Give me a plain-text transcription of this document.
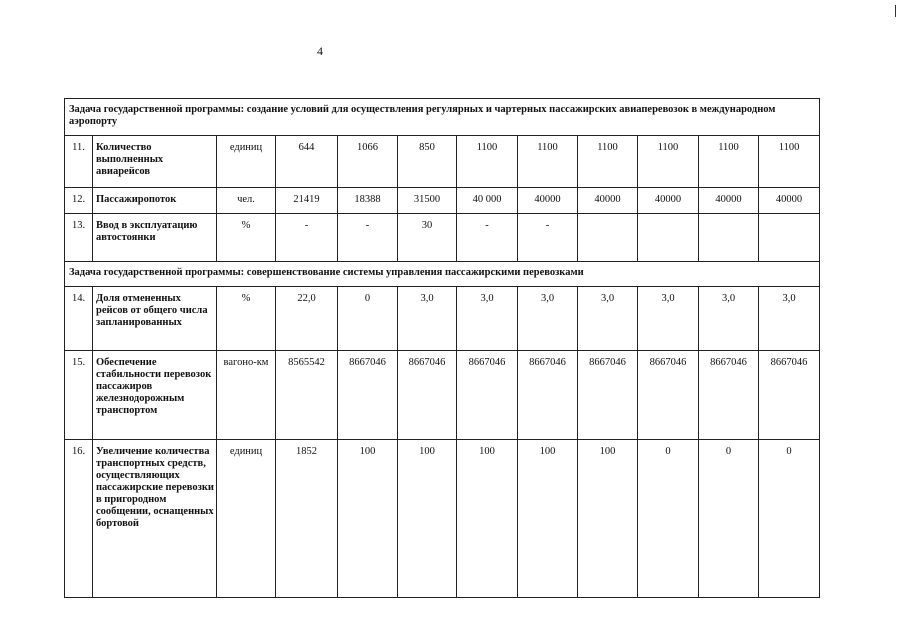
4
Задача государственной программы: создание условий для осуществления регулярных и чартерных пассажирских авиаперевозок в международном аэропорту											
11.	Количество выполненных авиарейсов	единиц	644	1066	850	1100	1100	1100	1100	1100	1100
12.	Пассажиропоток	чел.	21419	18388	31500	40 000	40000	40000	40000	40000	40000
13.	Ввод в эксплуатацию автостоянки	%	-	-	30	-	-				
Задача государственной программы: совершенствование системы управления пассажирскими перевозками											
14.	Доля отмененных рейсов от общего числа запланированных	%	22,0	0	3,0	3,0	3,0	3,0	3,0	3,0	3,0
15.	Обеспечение стабильности перевозок пассажиров железнодорожным транспортом	вагоно-км	8565542	8667046	8667046	8667046	8667046	8667046	8667046	8667046	8667046
16.	Увеличение количества транспортных средств, осуществляющих пассажирские перевозки в пригородном сообщении, оснащенных бортовой	единиц	1852	100	100	100	100	100	0	0	0
